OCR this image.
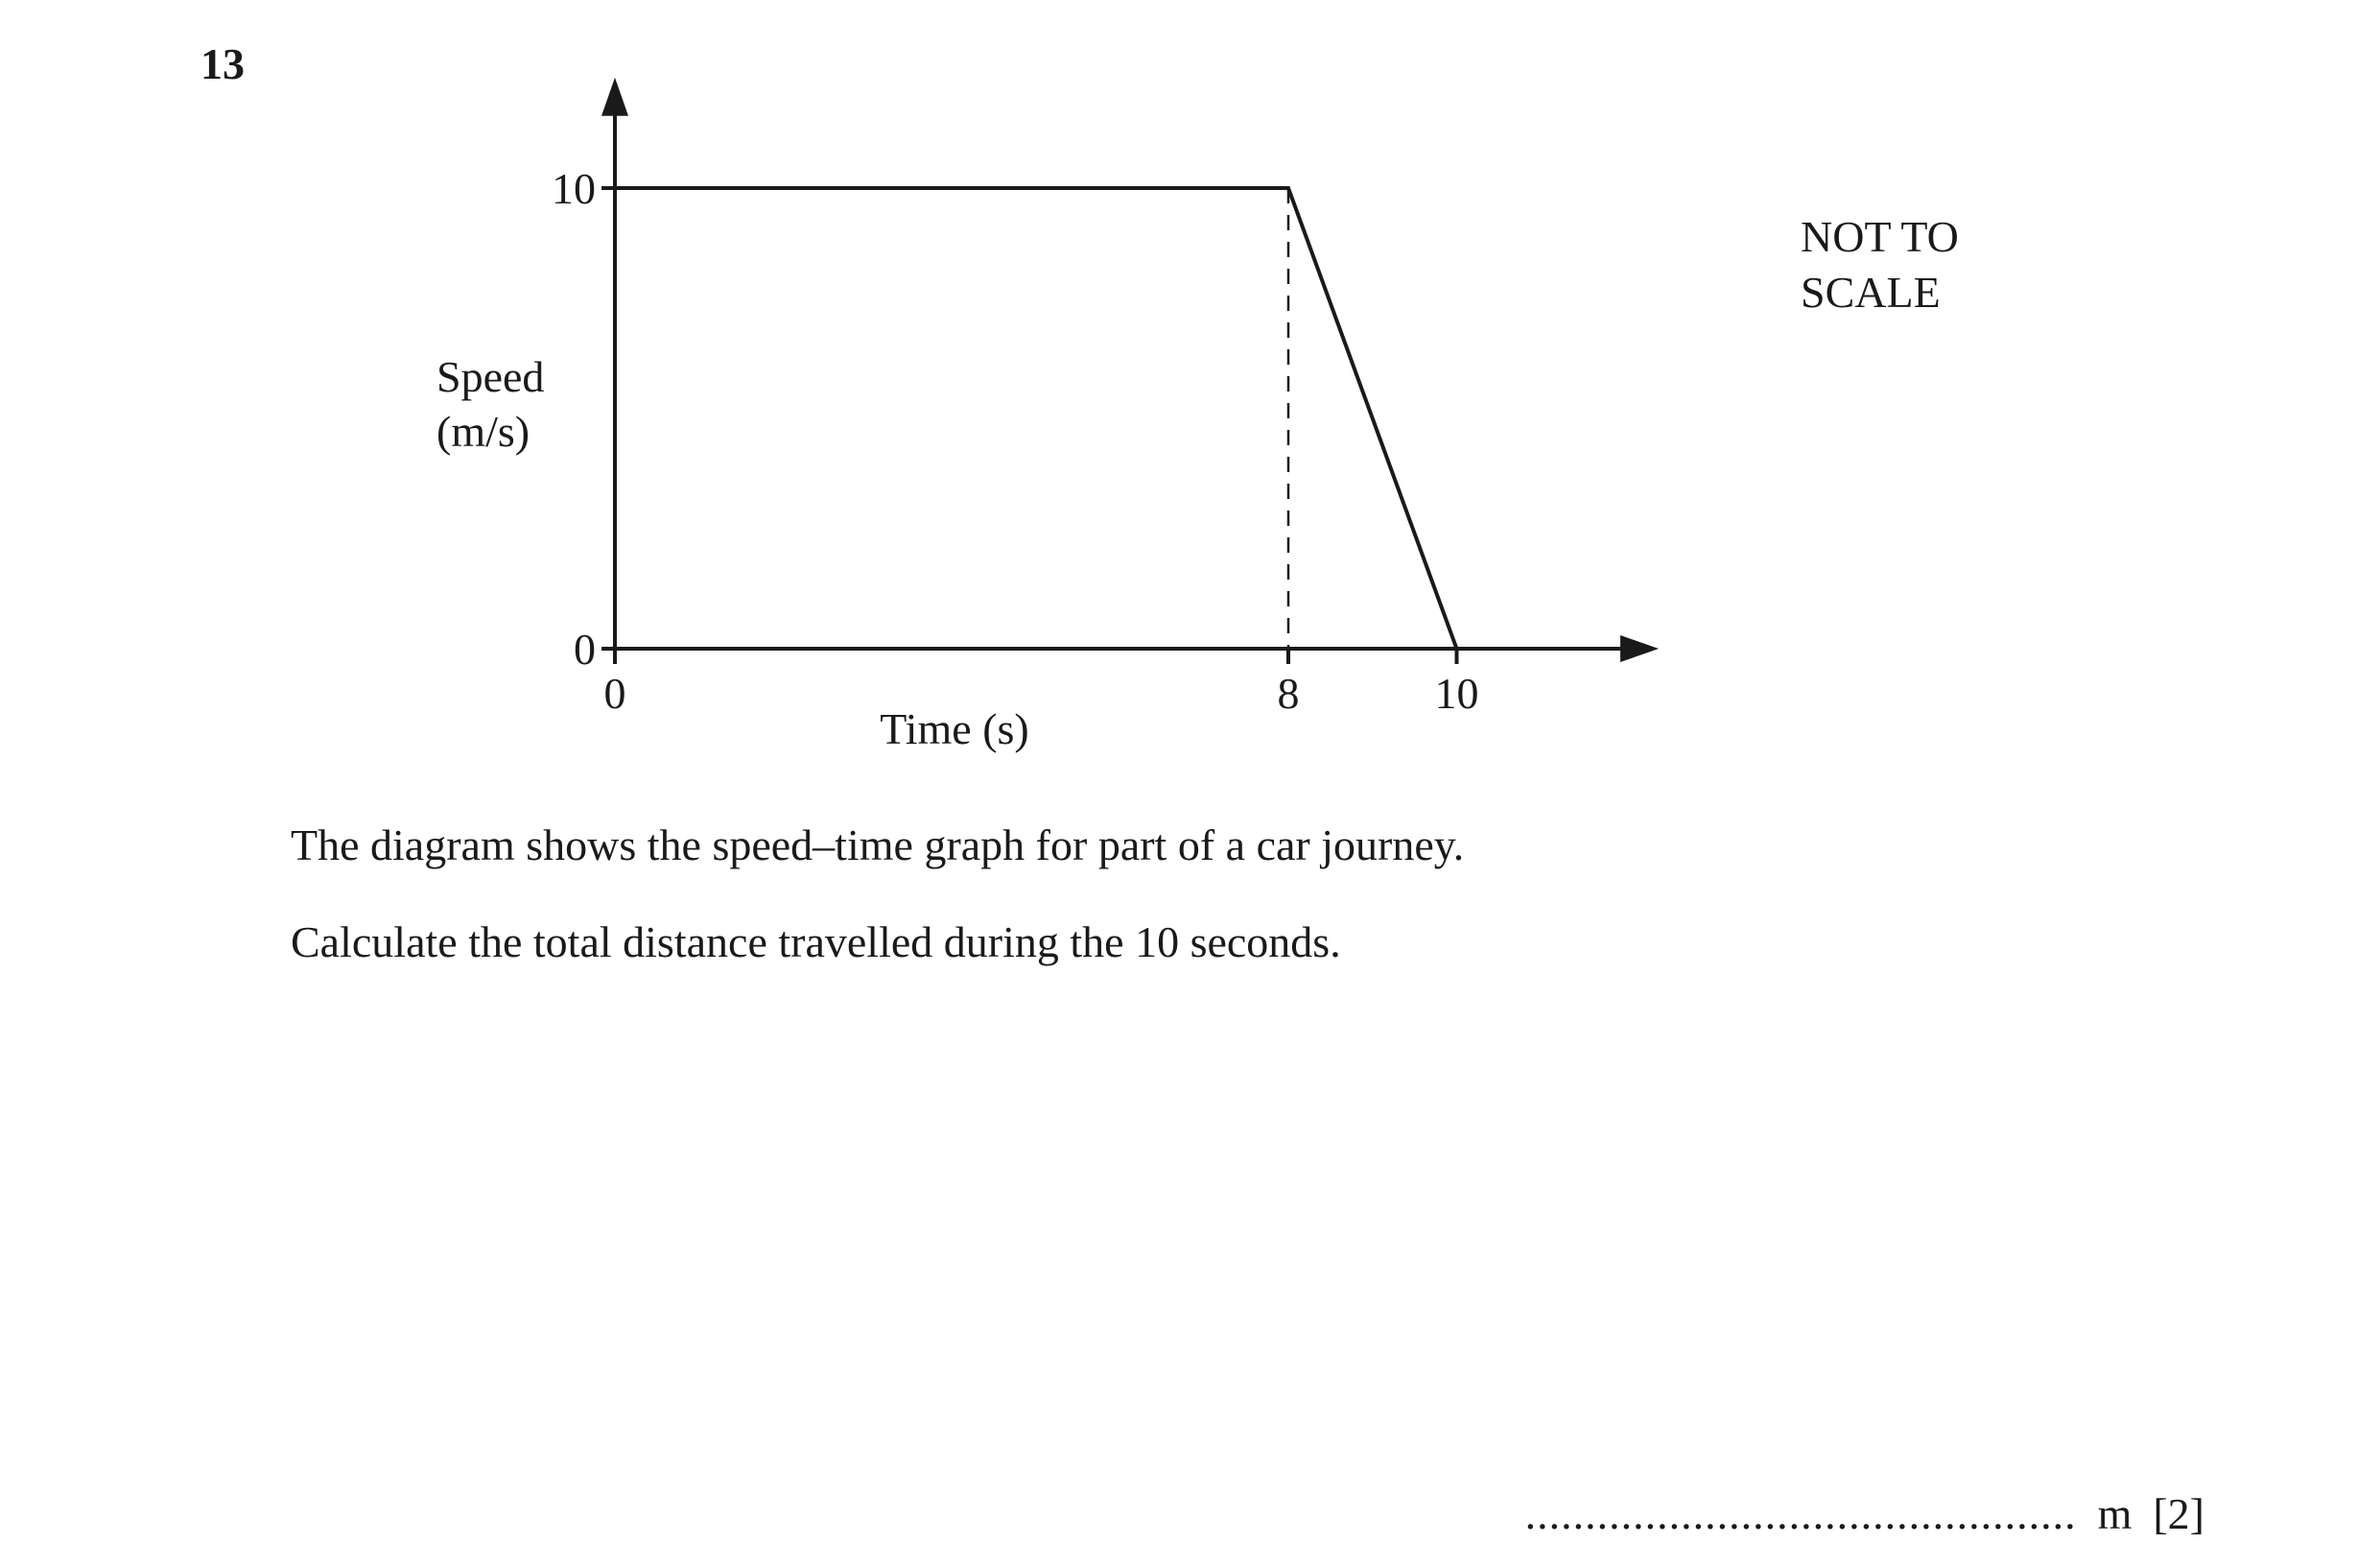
13
0
10
0	8	10
Speed
(m/s)
Time (s)
NOT TO
SCALE
The diagram shows the speed–time graph for part of a car journey.
Calculate the total distance travelled during the 10 seconds.
.............................................. m [2]
